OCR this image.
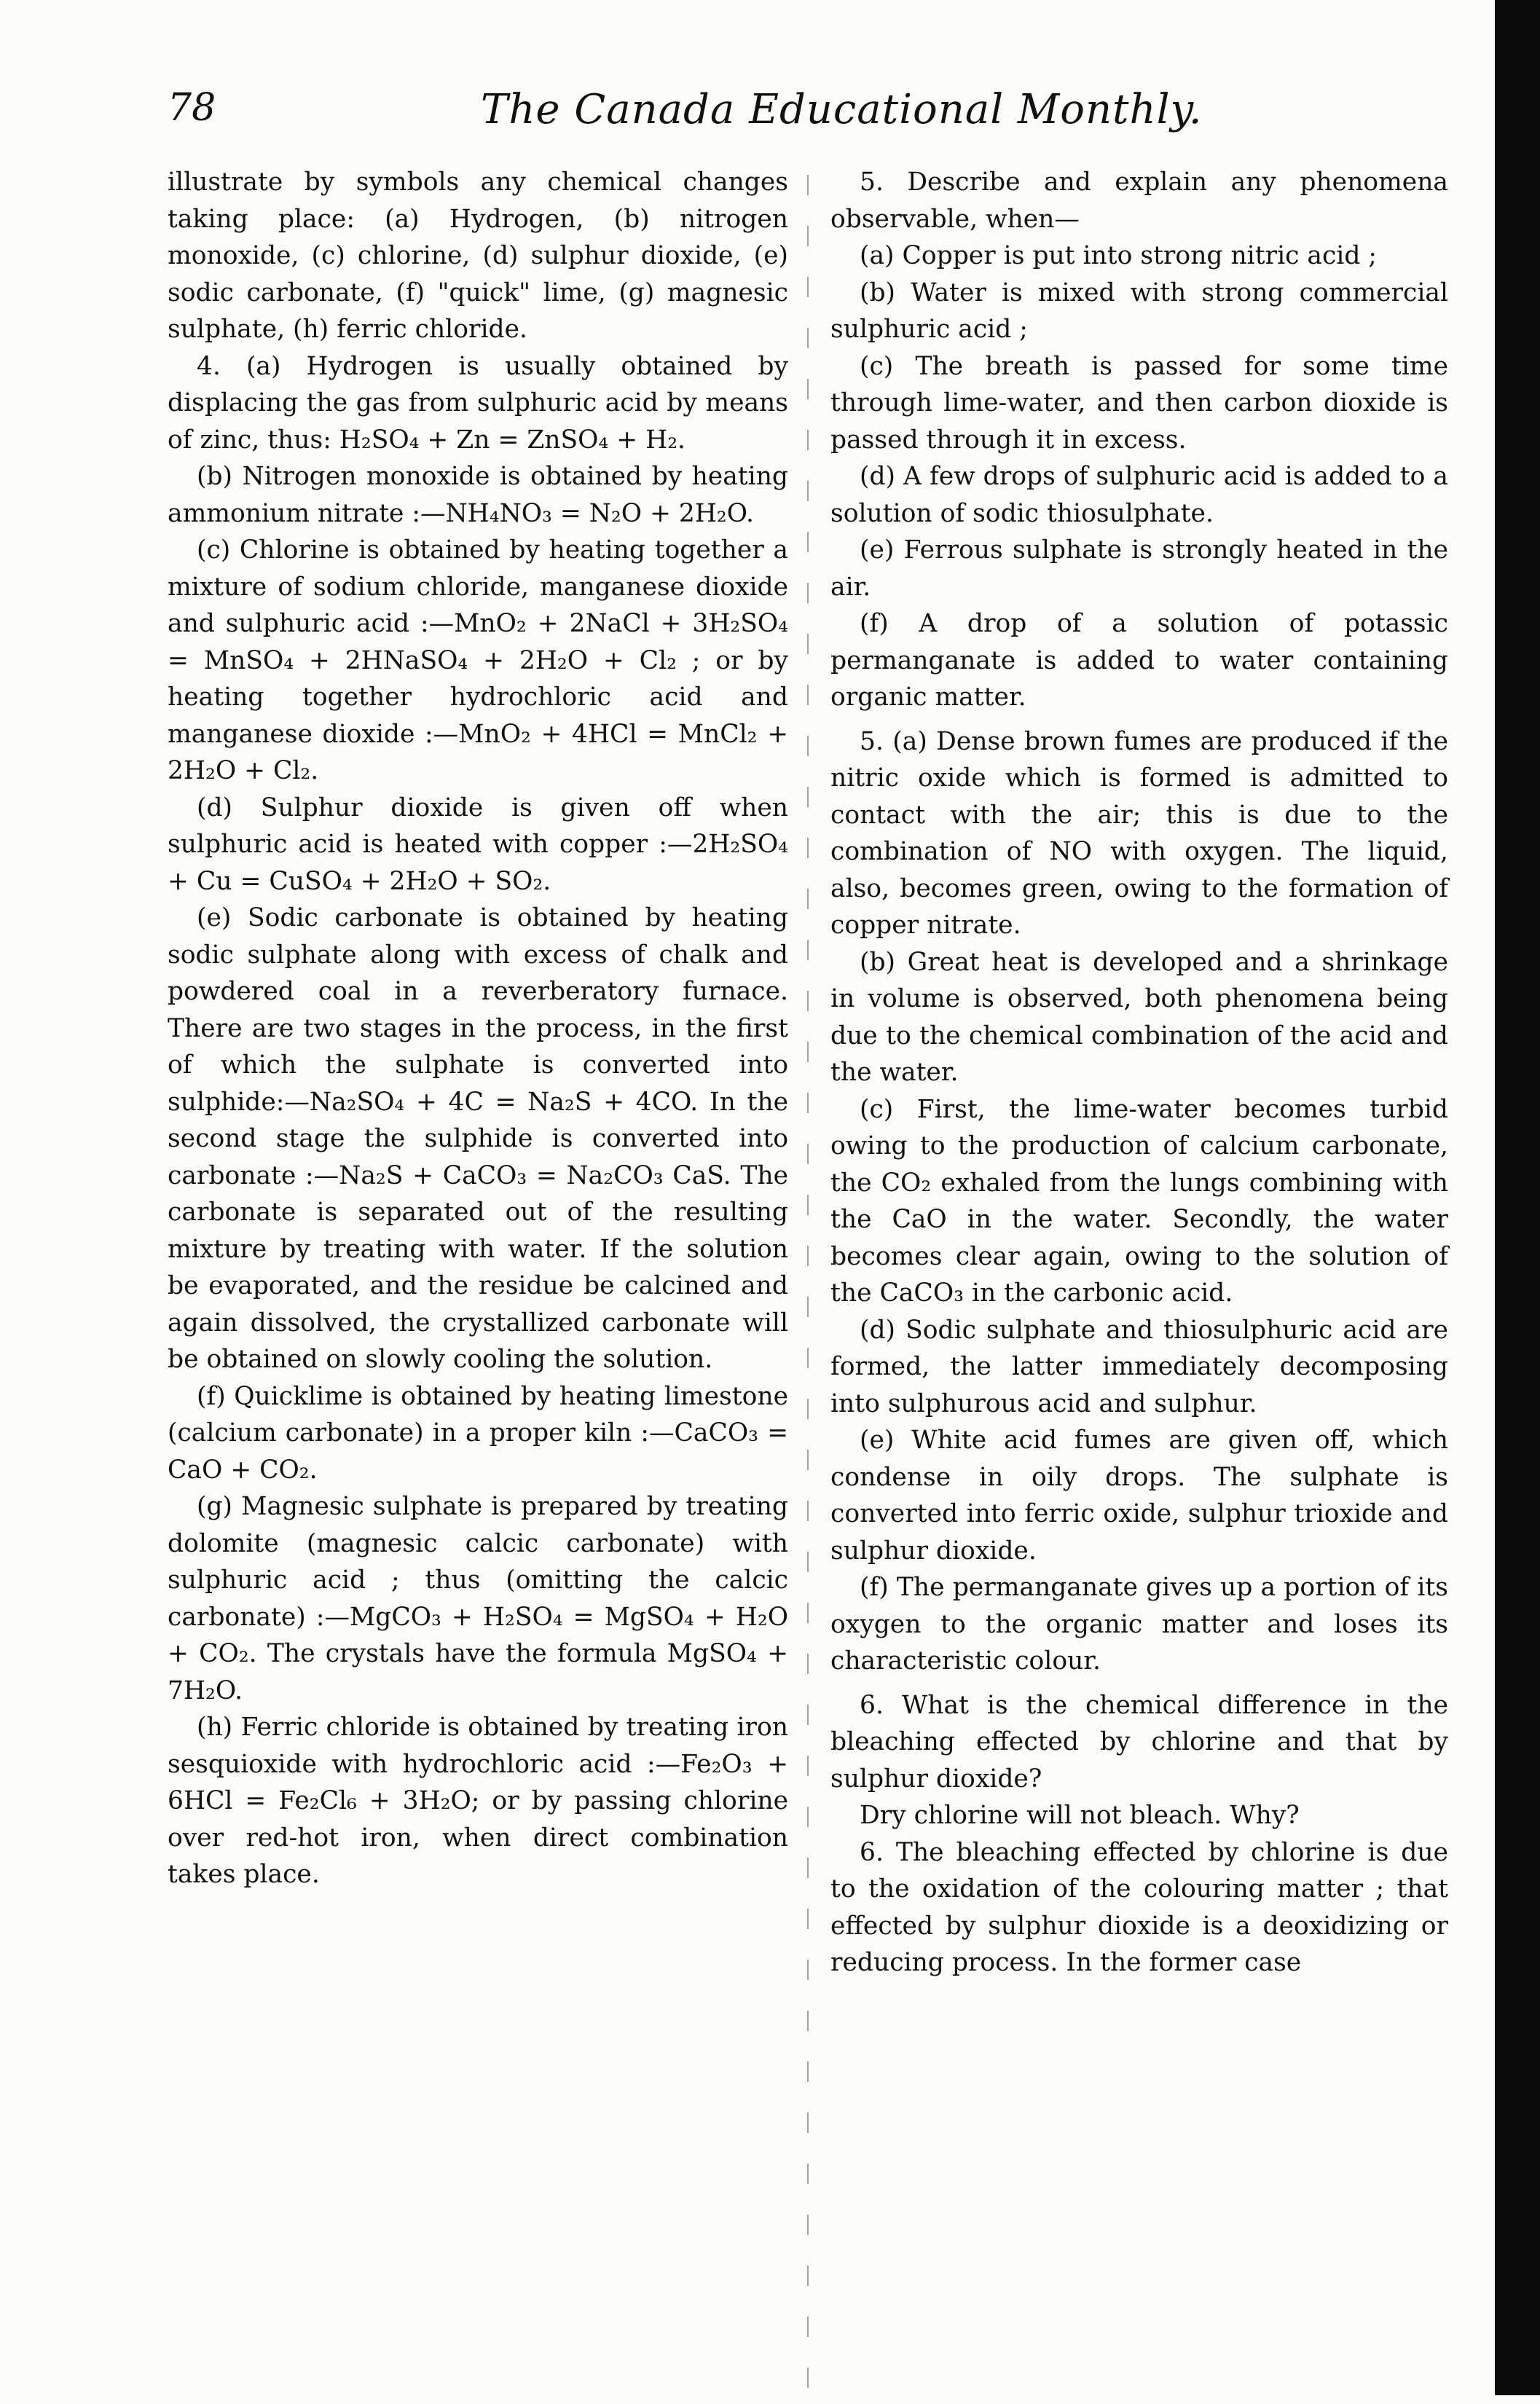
78	The Canada Educational Monthly.

illustrate by symbols any chemical changes taking place: (a) Hydrogen, (b) nitrogen monoxide, (c) chlorine, (d) sulphur dioxide, (e) sodic carbonate, (f) "quick" lime, (g) magnesic sulphate, (h) ferric chloride.

4. (a) Hydrogen is usually obtained by displacing the gas from sulphuric acid by means of zinc, thus: H₂SO₄ + Zn = ZnSO₄ + H₂.

(b) Nitrogen monoxide is obtained by heating ammonium nitrate :—NH₄NO₃ = N₂O + 2H₂O.

(c) Chlorine is obtained by heating together a mixture of sodium chloride, manganese dioxide and sulphuric acid :—MnO₂ + 2NaCl + 3H₂SO₄ = MnSO₄ + 2HNaSO₄ + 2H₂O + Cl₂ ; or by heating together hydrochloric acid and manganese dioxide :—MnO₂ + 4HCl = MnCl₂ + 2H₂O + Cl₂.

(d) Sulphur dioxide is given off when sulphuric acid is heated with copper :—2H₂SO₄ + Cu = CuSO₄ + 2H₂O + SO₂.

(e) Sodic carbonate is obtained by heating sodic sulphate along with excess of chalk and powdered coal in a reverberatory furnace. There are two stages in the process, in the first of which the sulphate is converted into sulphide:—Na₂SO₄ + 4C = Na₂S + 4CO. In the second stage the sulphide is converted into carbonate :—Na₂S + CaCO₃ = Na₂CO₃ CaS. The carbonate is separated out of the resulting mixture by treating with water. If the solution be evaporated, and the residue be calcined and again dissolved, the crystallized carbonate will be obtained on slowly cooling the solution.

(f) Quicklime is obtained by heating limestone (calcium carbonate) in a proper kiln :—CaCO₃ = CaO + CO₂.

(g) Magnesic sulphate is prepared by treating dolomite (magnesic calcic carbonate) with sulphuric acid ; thus (omitting the calcic carbonate) :—MgCO₃ + H₂SO₄ = MgSO₄ + H₂O + CO₂. The crystals have the formula MgSO₄ + 7H₂O.

(h) Ferric chloride is obtained by treating iron sesquioxide with hydrochloric acid :—Fe₂O₃ + 6HCl = Fe₂Cl₆ + 3H₂O; or by passing chlorine over red-hot iron, when direct combination takes place.

5. Describe and explain any phenomena observable, when—

(a) Copper is put into strong nitric acid ;

(b) Water is mixed with strong commercial sulphuric acid ;

(c) The breath is passed for some time through lime-water, and then carbon dioxide is passed through it in excess.

(d) A few drops of sulphuric acid is added to a solution of sodic thiosulphate.

(e) Ferrous sulphate is strongly heated in the air.

(f) A drop of a solution of potassic permanganate is added to water containing organic matter.

5. (a) Dense brown fumes are produced if the nitric oxide which is formed is admitted to contact with the air; this is due to the combination of NO with oxygen. The liquid, also, becomes green, owing to the formation of copper nitrate.

(b) Great heat is developed and a shrinkage in volume is observed, both phenomena being due to the chemical combination of the acid and the water.

(c) First, the lime-water becomes turbid owing to the production of calcium carbonate, the CO₂ exhaled from the lungs combining with the CaO in the water. Secondly, the water becomes clear again, owing to the solution of the CaCO₃ in the carbonic acid.

(d) Sodic sulphate and thiosulphuric acid are formed, the latter immediately decomposing into sulphurous acid and sulphur.

(e) White acid fumes are given off, which condense in oily drops. The sulphate is converted into ferric oxide, sulphur trioxide and sulphur dioxide.

(f) The permanganate gives up a portion of its oxygen to the organic matter and loses its characteristic colour.

6. What is the chemical difference in the bleaching effected by chlorine and that by sulphur dioxide?

Dry chlorine will not bleach. Why?

6. The bleaching effected by chlorine is due to the oxidation of the colouring matter ; that effected by sulphur dioxide is a deoxidizing or reducing process. In the former case
